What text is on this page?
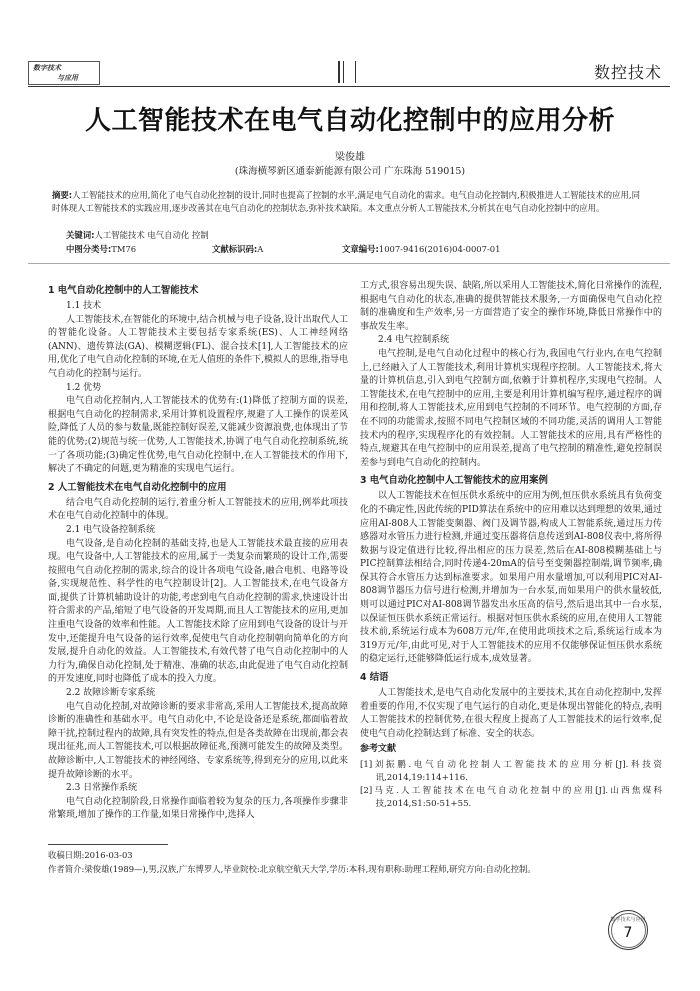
数字技术
与应用	数控技术
人工智能技术在电气自动化控制中的应用分析
梁俊雄
(珠海横琴新区通泰新能源有限公司 广东珠海 519015)
摘要:人工智能技术的应用,简化了电气自动化控制的设计,同时也提高了控制的水平,满足电气自动化的需求。电气自动化控制内,积极推进人工智能技术的应用,同时体现人工智能技术的实践应用,逐步改善其在电气自动化的控制状态,弥补技术缺陷。本文重点分析人工智能技术,分析其在电气自动化控制中的应用。
关键词:人工智能技术 电气自动化 控制
中图分类号:TM76	文献标识码:A	文章编号:1007-9416(2016)04-0007-01
1 电气自动化控制中的人工智能技术
1.1 技术

人工智能技术,在智能化的环境中,结合机械与电子设备,设计出取代人工的智能化设备。人工智能技术主要包括专家系统(ES)、人工神经网络(ANN)、遗传算法(GA)、模糊逻辑(FL)、混合技术[1],人工智能技术的应用,优化了电气自动化控制的环境,在无人值班的条件下,模拟人的思维,指导电气自动化的控制与运行。

1.2 优势

电气自动化控制内,人工智能技术的优势有:(1)降低了控制方面的误差,根据电气自动化的控制需求,采用计算机设置程序,规避了人工操作的误差风险,降低了人员的参与数量,既能控制好误差,又能减少资源浪费,也体现出了节能的优势;(2)规范与统一优势,人工智能技术,协调了电气自动化控制系统,统一了各项功能;(3)确定性优势,电气自动化控制中,在人工智能技术的作用下,解决了不确定的问题,更为精准的实现电气运行。

2 人工智能技术在电气自动化控制中的应用

结合电气自动化控制的运行,着重分析人工智能技术的应用,例举此项技术在电气自动化控制中的体现。

2.1 电气设备控制系统

电气设备,是自动化控制的基础支持,也是人工智能技术最直接的应用表现。电气设备中,人工智能技术的应用,属于一类复杂而繁琐的设计工作,需要按照电气自动化控制的需求,综合的设计各项电气设备,融合电机、电路等设备,实现规范性、科学性的电气控制设计[2]。人工智能技术,在电气设备方面,提供了计算机辅助设计的功能,考虑到电气自动化控制的需求,快速设计出符合需求的产品,缩短了电气设备的开发周期,而且人工智能技术的应用,更加注重电气设备的效率和性能。人工智能技术除了应用到电气设备的设计与开发中,还能提升电气设备的运行效率,促使电气自动化控制朝向简单化的方向发展,提升自动化的效益。人工智能技术,有效代替了电气自动化控制中的人力行为,确保自动化控制,处于精准、准确的状态,由此促进了电气自动化控制的开发速度,同时也降低了成本的投入力度。

2.2 故障诊断专家系统

电气自动化控制,对故障诊断的要求非常高,采用人工智能技术,提高故障诊断的准确性和基础水平。电气自动化中,不论是设备还是系统,都面临着故障干扰,控制过程内的故障,具有突发性的特点,但是各类故障在出现前,都会表现出征兆,而人工智能技术,可以根据故障征兆,预测可能发生的故障及类型。故障诊断中,人工智能技术的神经网络、专家系统等,得到充分的应用,以此来提升故障诊断的水平。

2.3 日常操作系统

电气自动化控制阶段,日常操作面临着较为复杂的压力,各项操作步骤非常繁琐,增加了操作的工作量,如果日常操作中,选择人

工方式,很容易出现失误、缺陷,所以采用人工智能技术,简化日常操作的流程,根据电气自动化的状态,准确的提供智能技术服务,一方面确保电气自动化控制的准确度和生产效率,另一方面营造了安全的操作环境,降低日常操作中的事故发生率。

2.4 电气控制系统

电气控制,是电气自动化过程中的核心行为,我国电气行业内,在电气控制上,已经融入了人工智能技术,利用计算机实现程序控制。人工智能技术,将大量的计算机信息,引入到电气控制方面,依赖于计算机程序,实现电气控制。人工智能技术,在电气控制中的应用,主要是利用计算机编写程序,通过程序的调用和控制,将人工智能技术,应用到电气控制的不同环节。电气控制的方面,存在不同的功能需求,按照不同电气控制区域的不同功能,灵活的调用人工智能技术内的程序,实现程序化的有效控制。人工智能技术的应用,具有严格性的特点,规避其在电气控制中的应用误差,提高了电气控制的精准性,避免控制误差参与到电气自动化的控制内。

3 电气自动化控制中人工智能技术的应用案例

以人工智能技术在恒压供水系统中的应用为例,恒压供水系统具有负荷变化的不确定性,因此传统的PID算法在系统中的应用难以达到理想的效果,通过应用AI-808人工智能变频器、阀门及调节器,构成人工智能系统,通过压力传感器对水管压力进行检测,并通过变压器将信息传送到AI-808仪表中,将所得数据与设定值进行比较,得出相应的压力误差,然后在AI-808模糊基础上与PIC控制算法相结合,同时传递4-20mA的信号至变频器控制端,调节频率,确保其符合水管压力达到标准要求。如果用户用水量增加,可以利用PIC对AI-808调节器压力信号进行检测,并增加为一台水泵,而如果用户的供水量较低,则可以通过PIC对AI-808调节器发出水压高的信号,然后退出其中一台水泵,以保证恒压供水系统正常运行。根据对恒压供水系统的应用,在使用人工智能技术前,系统运行成本为608万元/年,在使用此项技术之后,系统运行成本为319万元/年,由此可见,对于人工智能技术的应用不仅能够保证恒压供水系统的稳定运行,还能够降低运行成本,成效显著。

4 结语

人工智能技术,是电气自动化发展中的主要技术,其在自动化控制中,发挥着重要的作用,不仅实现了电气运行的自动化,更是体现出智能化的特点,表明人工智能技术的控制优势,在很大程度上提高了人工智能技术的运行效率,促使电气自动化控制达到了标准、安全的状态。

参考文献

[1]刘振鹏.电气自动化控制人工智能技术的应用分析[J].科技资讯,2014,19:114+116.

[2]马克.人工智能技术在电气自动化控制中的应用[J].山西焦煤科技,2014,S1:50-51+55.

收稿日期:2016-03-03
作者简介:梁俊雄(1989—),男,汉族,广东博罗人,毕业院校:北京航空航天大学,学历:本科,现有职称:助理工程师,研究方向:自动化控制。
数字技术与应用
7
